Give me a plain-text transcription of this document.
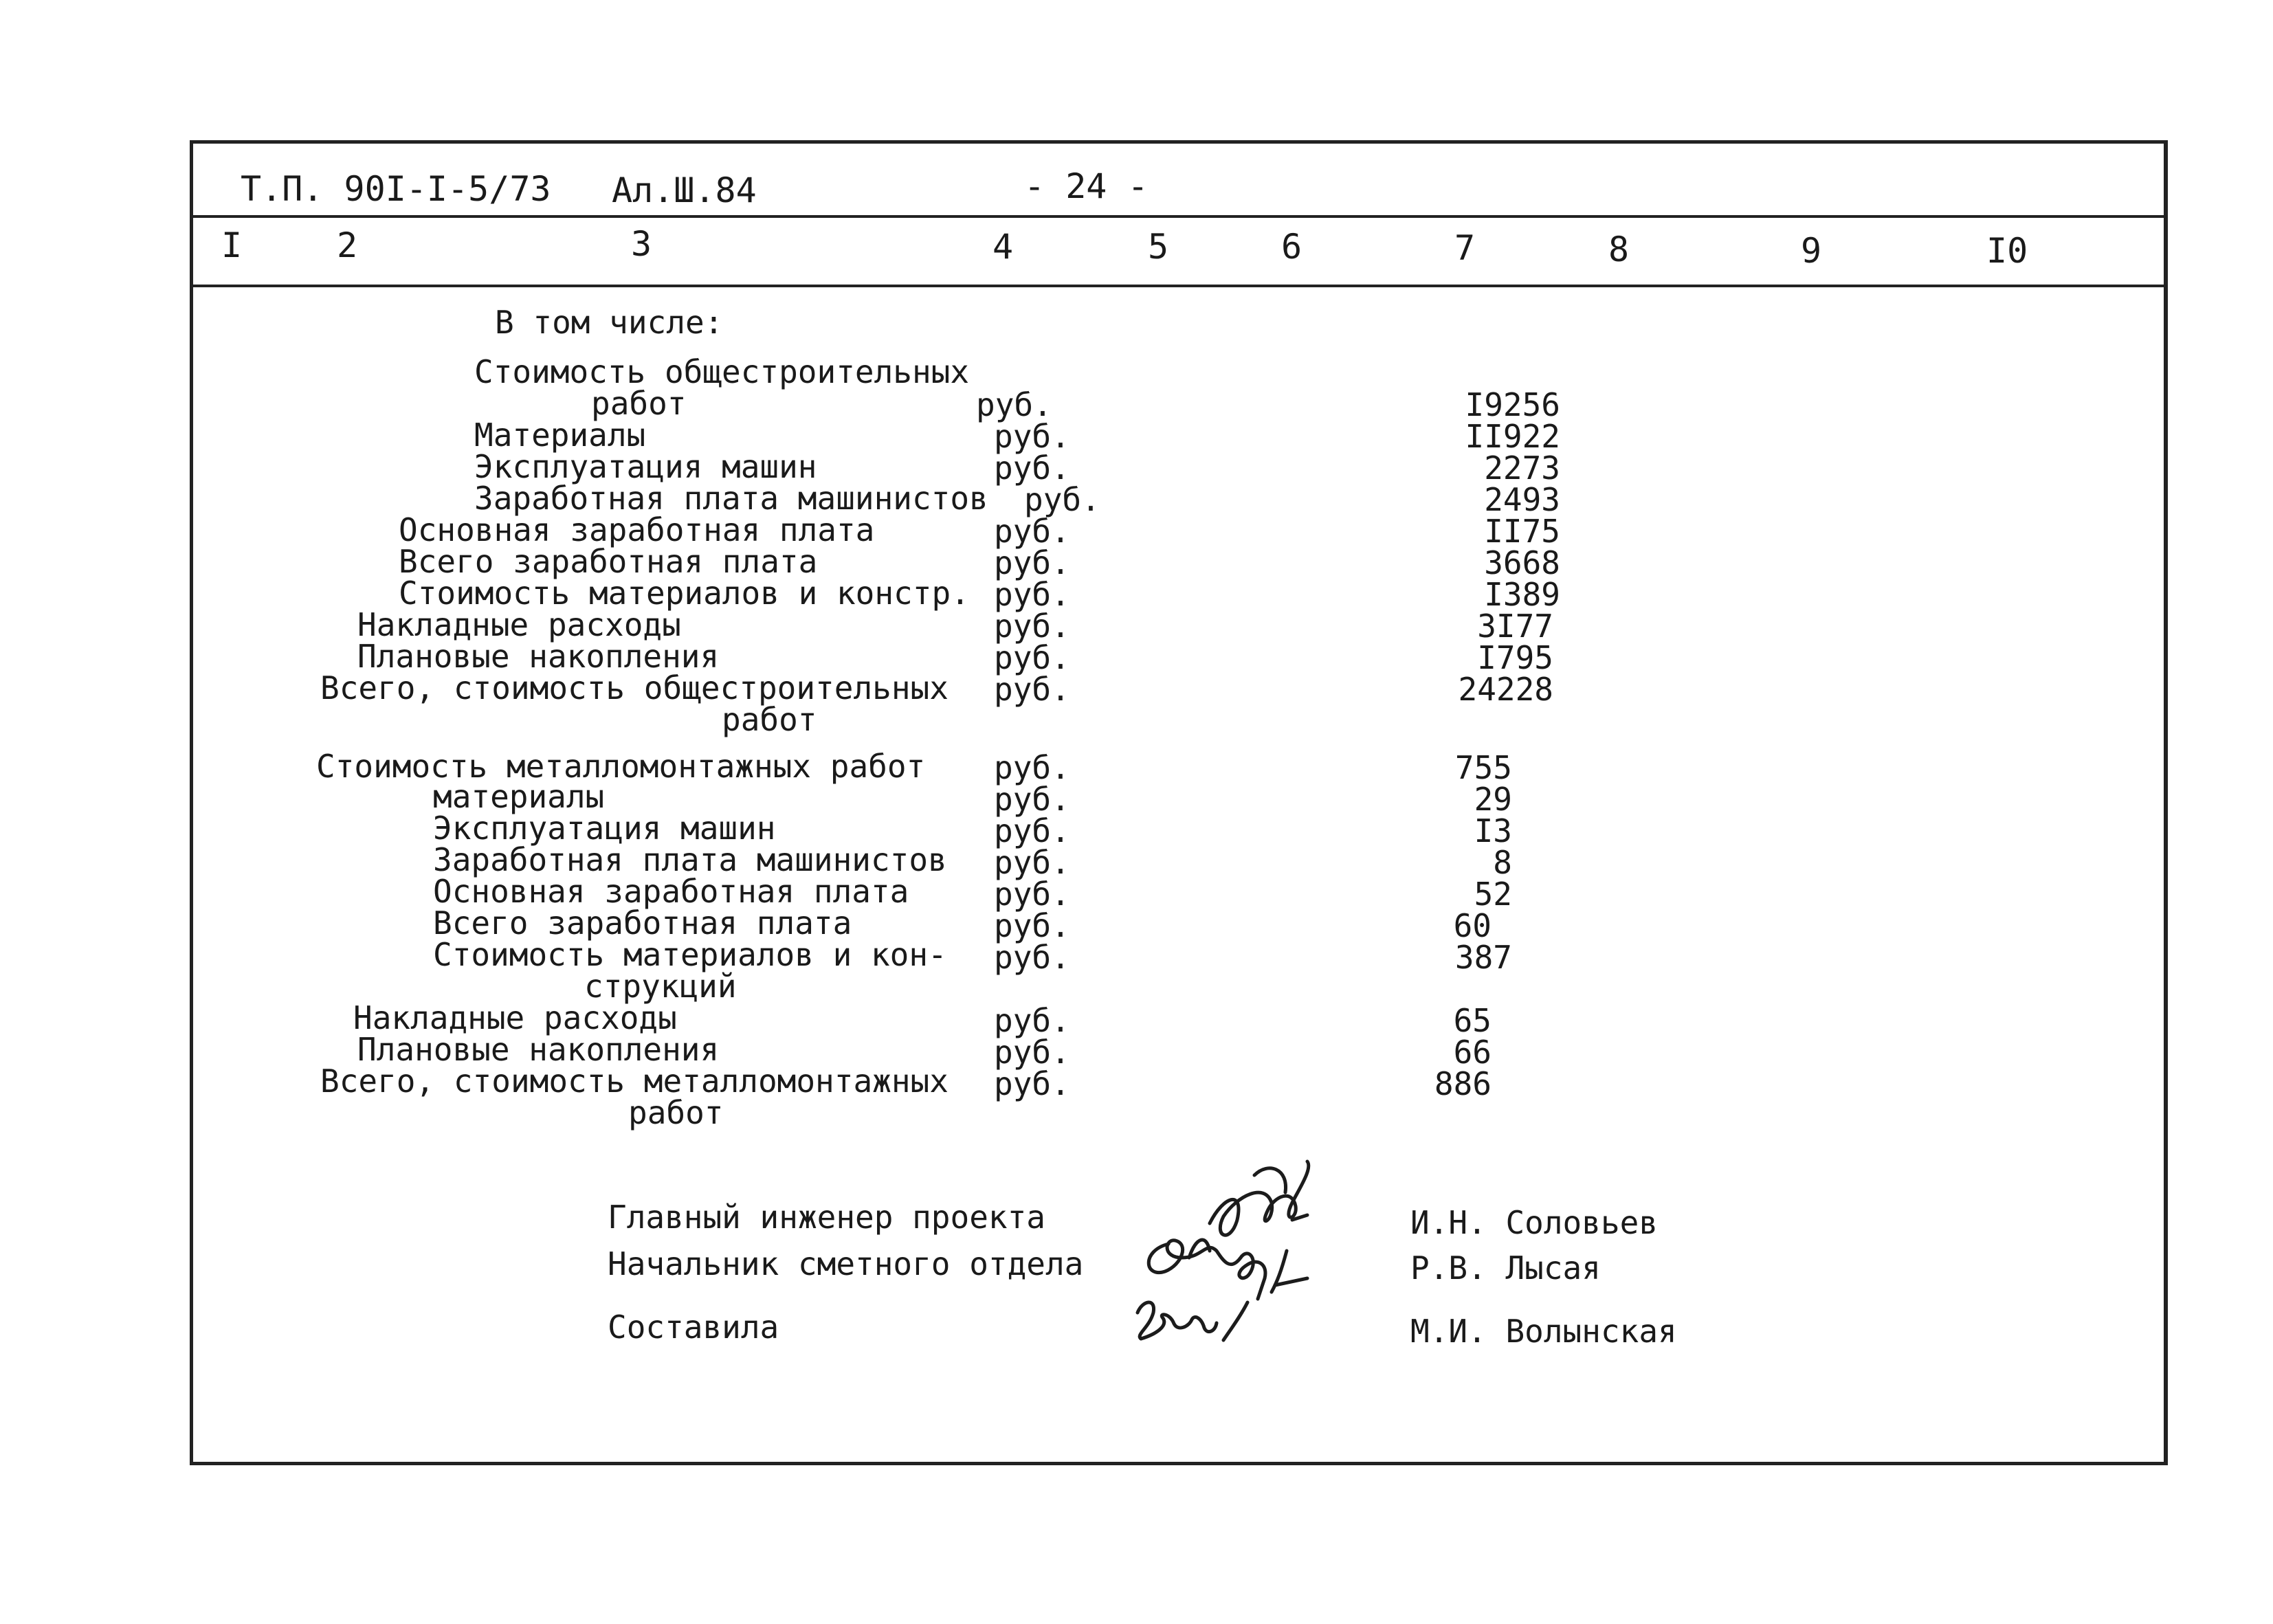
Т.П. 90I-I-5/73 Ал.Ш.84	- 24 -
I	2	3	4	5	6	7	8	9	I0
В том числе:
Стоимость общестроительных
работ	руб.	I9256
Материалы	руб.	II922
Эксплуатация машин	руб.	2273
Заработная плата машинистов руб.	2493
Основная заработная плата	руб.	II75
Всего заработная плата	руб.	3668
Стоимость материалов и констр. руб.	I389
Накладные расходы	руб.	3I77
Плановые накопления	руб.	I795
Всего, стоимость общестроительных
работ
руб.	24228
Стоимость металломонтажных работ руб.	755
материалы	руб.	29
Эксплуатация машин	руб.	I3
Заработная плата машинистов руб.	8
Основная заработная плата	руб.	52
Всего заработная плата	руб.	60
Стоимость материалов и кон-
струкций
руб.	387
Накладные расходы	руб.	65
Плановые накопления	руб.	66
Всего, стоимость металломонтажных
работ
руб.	886
Главный инженер проекта	И.Н. Соловьев
Начальник сметного отдела	Р.В. Лысая
Составила	М.И. Волынская
